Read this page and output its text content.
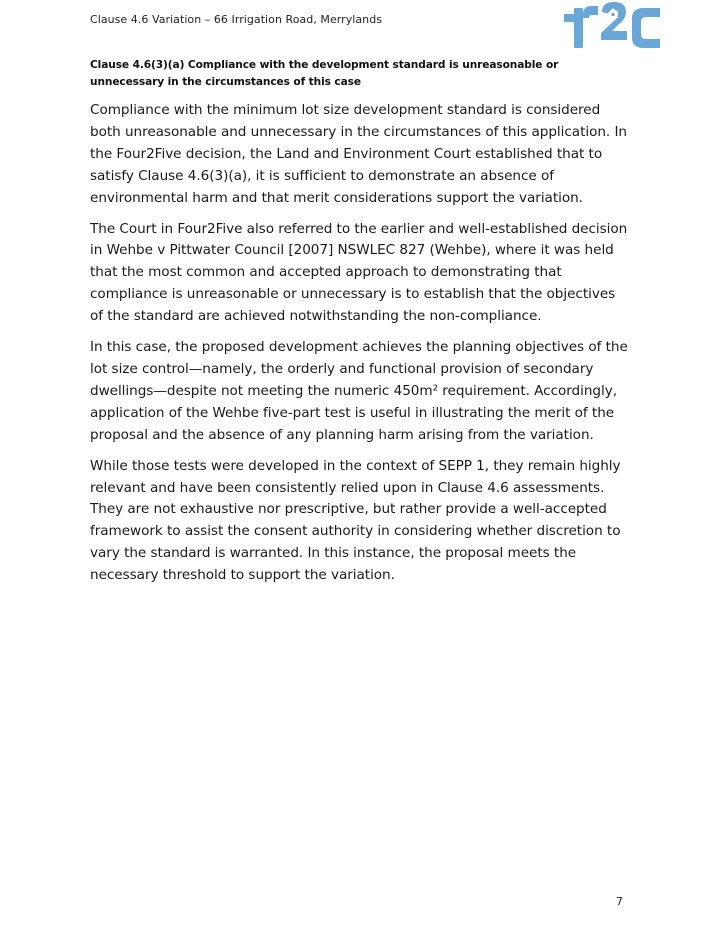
Clause 4.6 Variation – 66 Irrigation Road, Merrylands
Clause 4.6(3)(a) Compliance with the development standard is unreasonable or unnecessary in the circumstances of this case

Compliance with the minimum lot size development standard is considered both unreasonable and unnecessary in the circumstances of this application. In the Four2Five decision, the Land and Environment Court established that to satisfy Clause 4.6(3)(a), it is sufficient to demonstrate an absence of environmental harm and that merit considerations support the variation.

The Court in Four2Five also referred to the earlier and well-established decision in Wehbe v Pittwater Council [2007] NSWLEC 827 (Wehbe), where it was held that the most common and accepted approach to demonstrating that compliance is unreasonable or unnecessary is to establish that the objectives of the standard are achieved notwithstanding the non-compliance.

In this case, the proposed development achieves the planning objectives of the lot size control—namely, the orderly and functional provision of secondary dwellings—despite not meeting the numeric 450m² requirement. Accordingly, application of the Wehbe five-part test is useful in illustrating the merit of the proposal and the absence of any planning harm arising from the variation.

While those tests were developed in the context of SEPP 1, they remain highly relevant and have been consistently relied upon in Clause 4.6 assessments. They are not exhaustive nor prescriptive, but rather provide a well-accepted framework to assist the consent authority in considering whether discretion to vary the standard is warranted. In this instance, the proposal meets the necessary threshold to support the variation.

7
